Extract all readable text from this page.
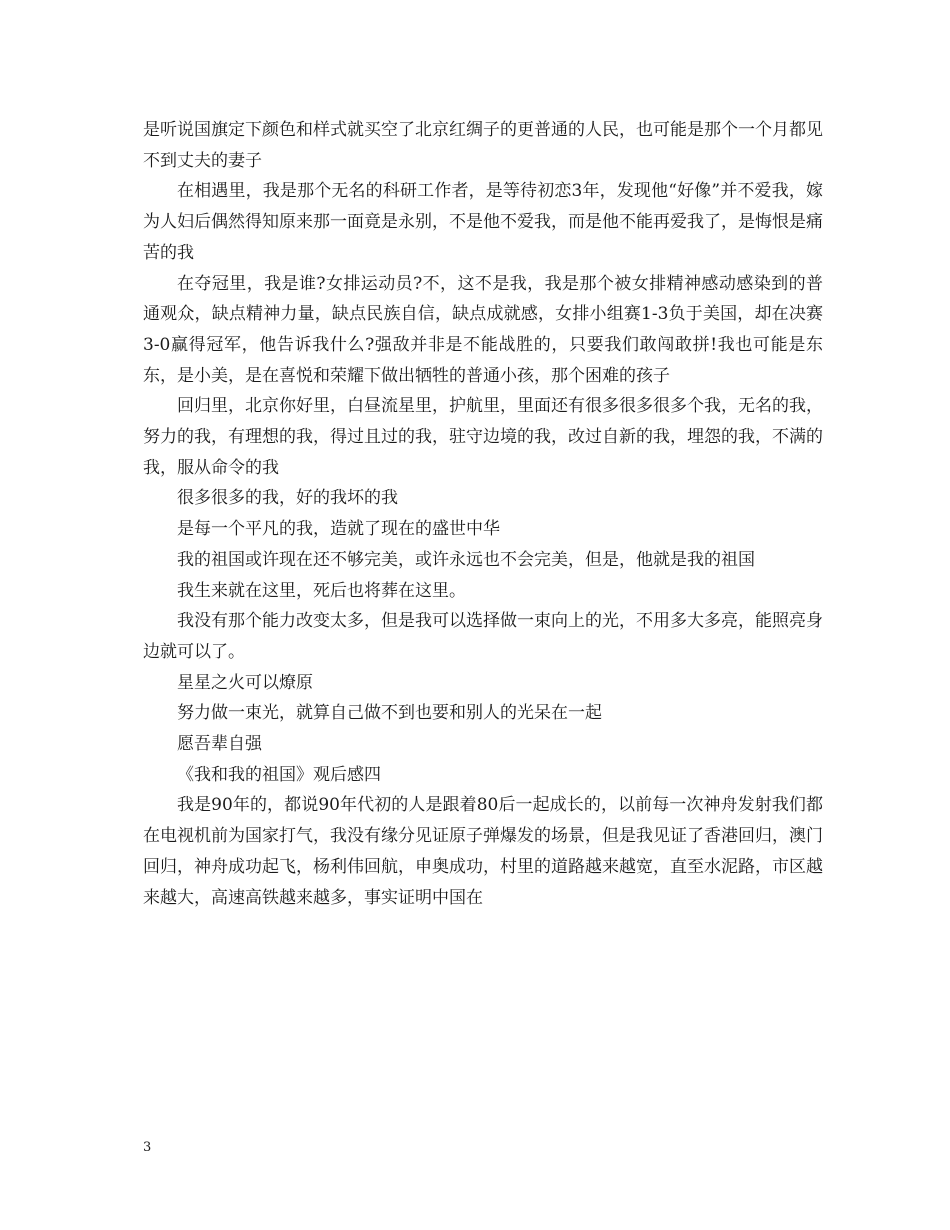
是听说国旗定下颜色和样式就买空了北京红绸子的更普通的人民，也可能是那个一个月都见不到丈夫的妻子

在相遇里，我是那个无名的科研工作者，是等待初恋3年，发现他“好像”并不爱我，嫁为人妇后偶然得知原来那一面竟是永别，不是他不爱我，而是他不能再爱我了，是悔恨是痛苦的我

在夺冠里，我是谁?女排运动员?不，这不是我，我是那个被女排精神感动感染到的普通观众，缺点精神力量，缺点民族自信，缺点成就感，女排小组赛1-3负于美国，却在决赛3-0赢得冠军，他告诉我什么?强敌并非是不能战胜的，只要我们敢闯敢拼!我也可能是东东，是小美，是在喜悦和荣耀下做出牺牲的普通小孩，那个困难的孩子

回归里，北京你好里，白昼流星里，护航里，里面还有很多很多很多个我，无名的我，努力的我，有理想的我，得过且过的我，驻守边境的我，改过自新的我，埋怨的我，不满的我，服从命令的我

很多很多的我，好的我坏的我

是每一个平凡的我，造就了现在的盛世中华

我的祖国或许现在还不够完美，或许永远也不会完美，但是，他就是我的祖国

我生来就在这里，死后也将葬在这里。

我没有那个能力改变太多，但是我可以选择做一束向上的光，不用多大多亮，能照亮身边就可以了。

星星之火可以燎原

努力做一束光，就算自己做不到也要和别人的光呆在一起

愿吾辈自强

《我和我的祖国》观后感四

我是90年的，都说90年代初的人是跟着80后一起成长的，以前每一次神舟发射我们都在电视机前为国家打气，我没有缘分见证原子弹爆发的场景，但是我见证了香港回归，澳门回归，神舟成功起飞，杨利伟回航，申奥成功，村里的道路越来越宽，直至水泥路，市区越来越大，高速高铁越来越多，事实证明中国在

3
